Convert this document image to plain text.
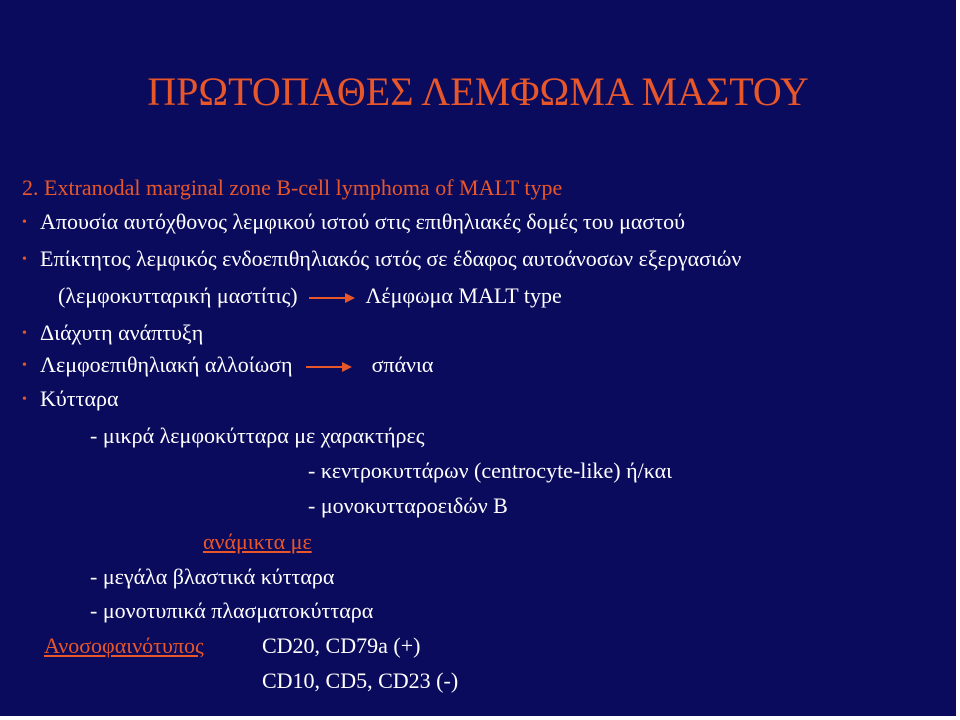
ΠΡΩΤΟΠΑΘΕΣ ΛΕΜΦΩΜΑ ΜΑΣΤΟΥ
2. Extranodal marginal zone B-cell lymphoma of MALT type
• Απουσία αυτόχθονος λεμφικού ιστού στις επιθηλιακές δομές του μαστού
• Επίκτητος λεμφικός ενδοεπιθηλιακός ιστός σε έδαφος αυτοάνοσων εξεργασιών
(λεμφοκυτταρική μαστίτις)	Λέμφωμα MALT type
• Διάχυτη ανάπτυξη
• Λεμφοεπιθηλιακή αλλοίωση	σπάνια
• Κύτταρα
- μικρά λεμφοκύτταρα με χαρακτήρες
- κεντροκυττάρων (centrocyte-like) ή/και
- μονοκυτταροειδών Β
ανάμικτα με
- μεγάλα βλαστικά κύτταρα
- μονοτυπικά πλασματοκύτταρα
Ανοσοφαινότυπος	CD20, CD79a (+)
CD10, CD5, CD23 (-)
